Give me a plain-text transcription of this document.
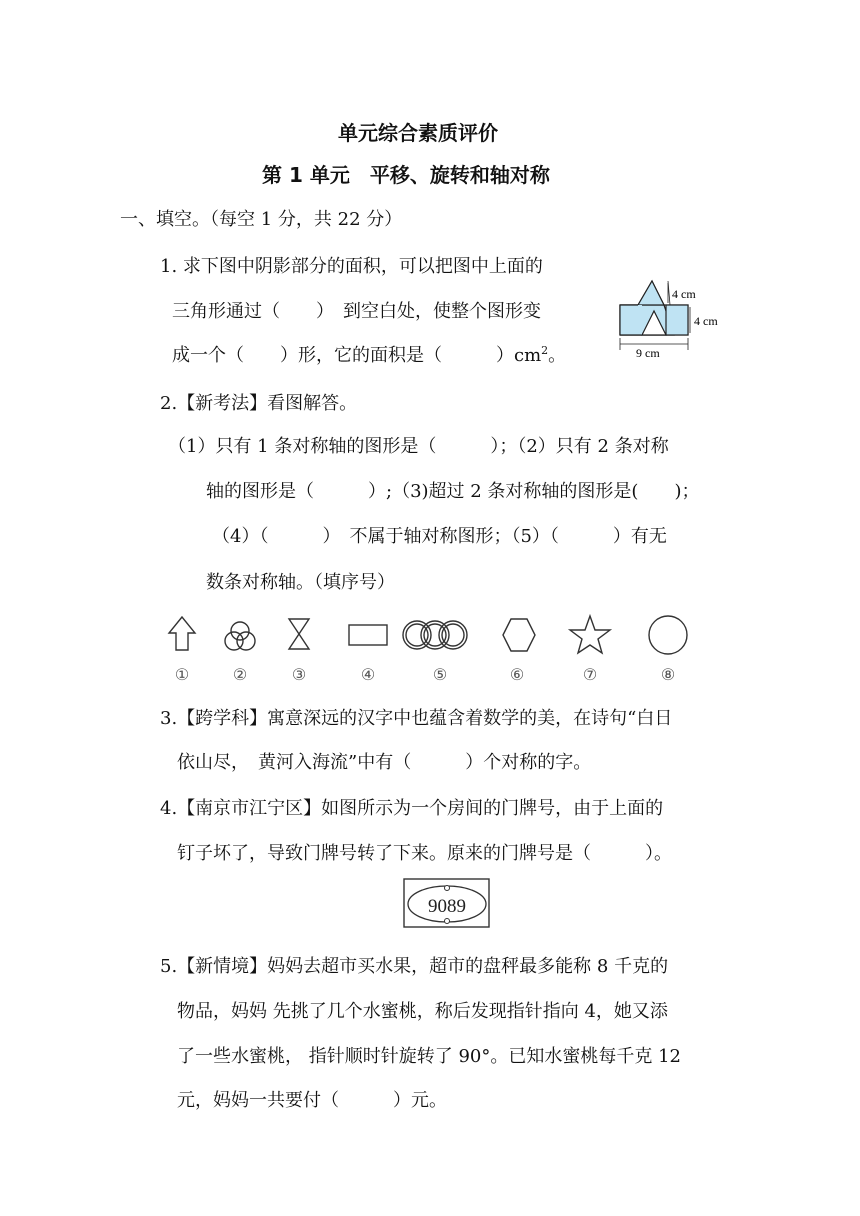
单元综合素质评价
第 1 单元　平移、旋转和轴对称
一、填空。（每空 1 分，共 22 分）
1. 求下图中阴影部分的面积，可以把图中上面的
三角形通过（　　）　到空白处，使整个图形变
成一个（　　）形，它的面积是（　　　）$cm^2$。
4 cm
4 cm
9 cm
2.【新考法】看图解答。
（1）只有 1 条对称轴的图形是（　　　）；（2）只有 2 条对称
轴的图形是（　　　）;（3)超过 2 条对称轴的图形是(　　)；
（4）（　　　）　不属于轴对称图形；（5）（　　　）有无
数条对称轴。（填序号）
①	②	③	④	⑤	⑥	⑦	⑧
3.【跨学科】寓意深远的汉字中也蕴含着数学的美，在诗句“白日
依山尽，　黄河入海流”中有（　　　）个对称的字。
4.【南京市江宁区】如图所示为一个房间的门牌号，由于上面的
钉子坏了，导致门牌号转了下来。原来的门牌号是（　　　）。
9089
5.【新情境】妈妈去超市买水果，超市的盘秤最多能称 8 千克的
物品，妈妈 先挑了几个水蜜桃，称后发现指针指向 4，她又添
了一些水蜜桃， 指针顺时针旋转了 90°。已知水蜜桃每千克 12
元，妈妈一共要付（　　　）元。
